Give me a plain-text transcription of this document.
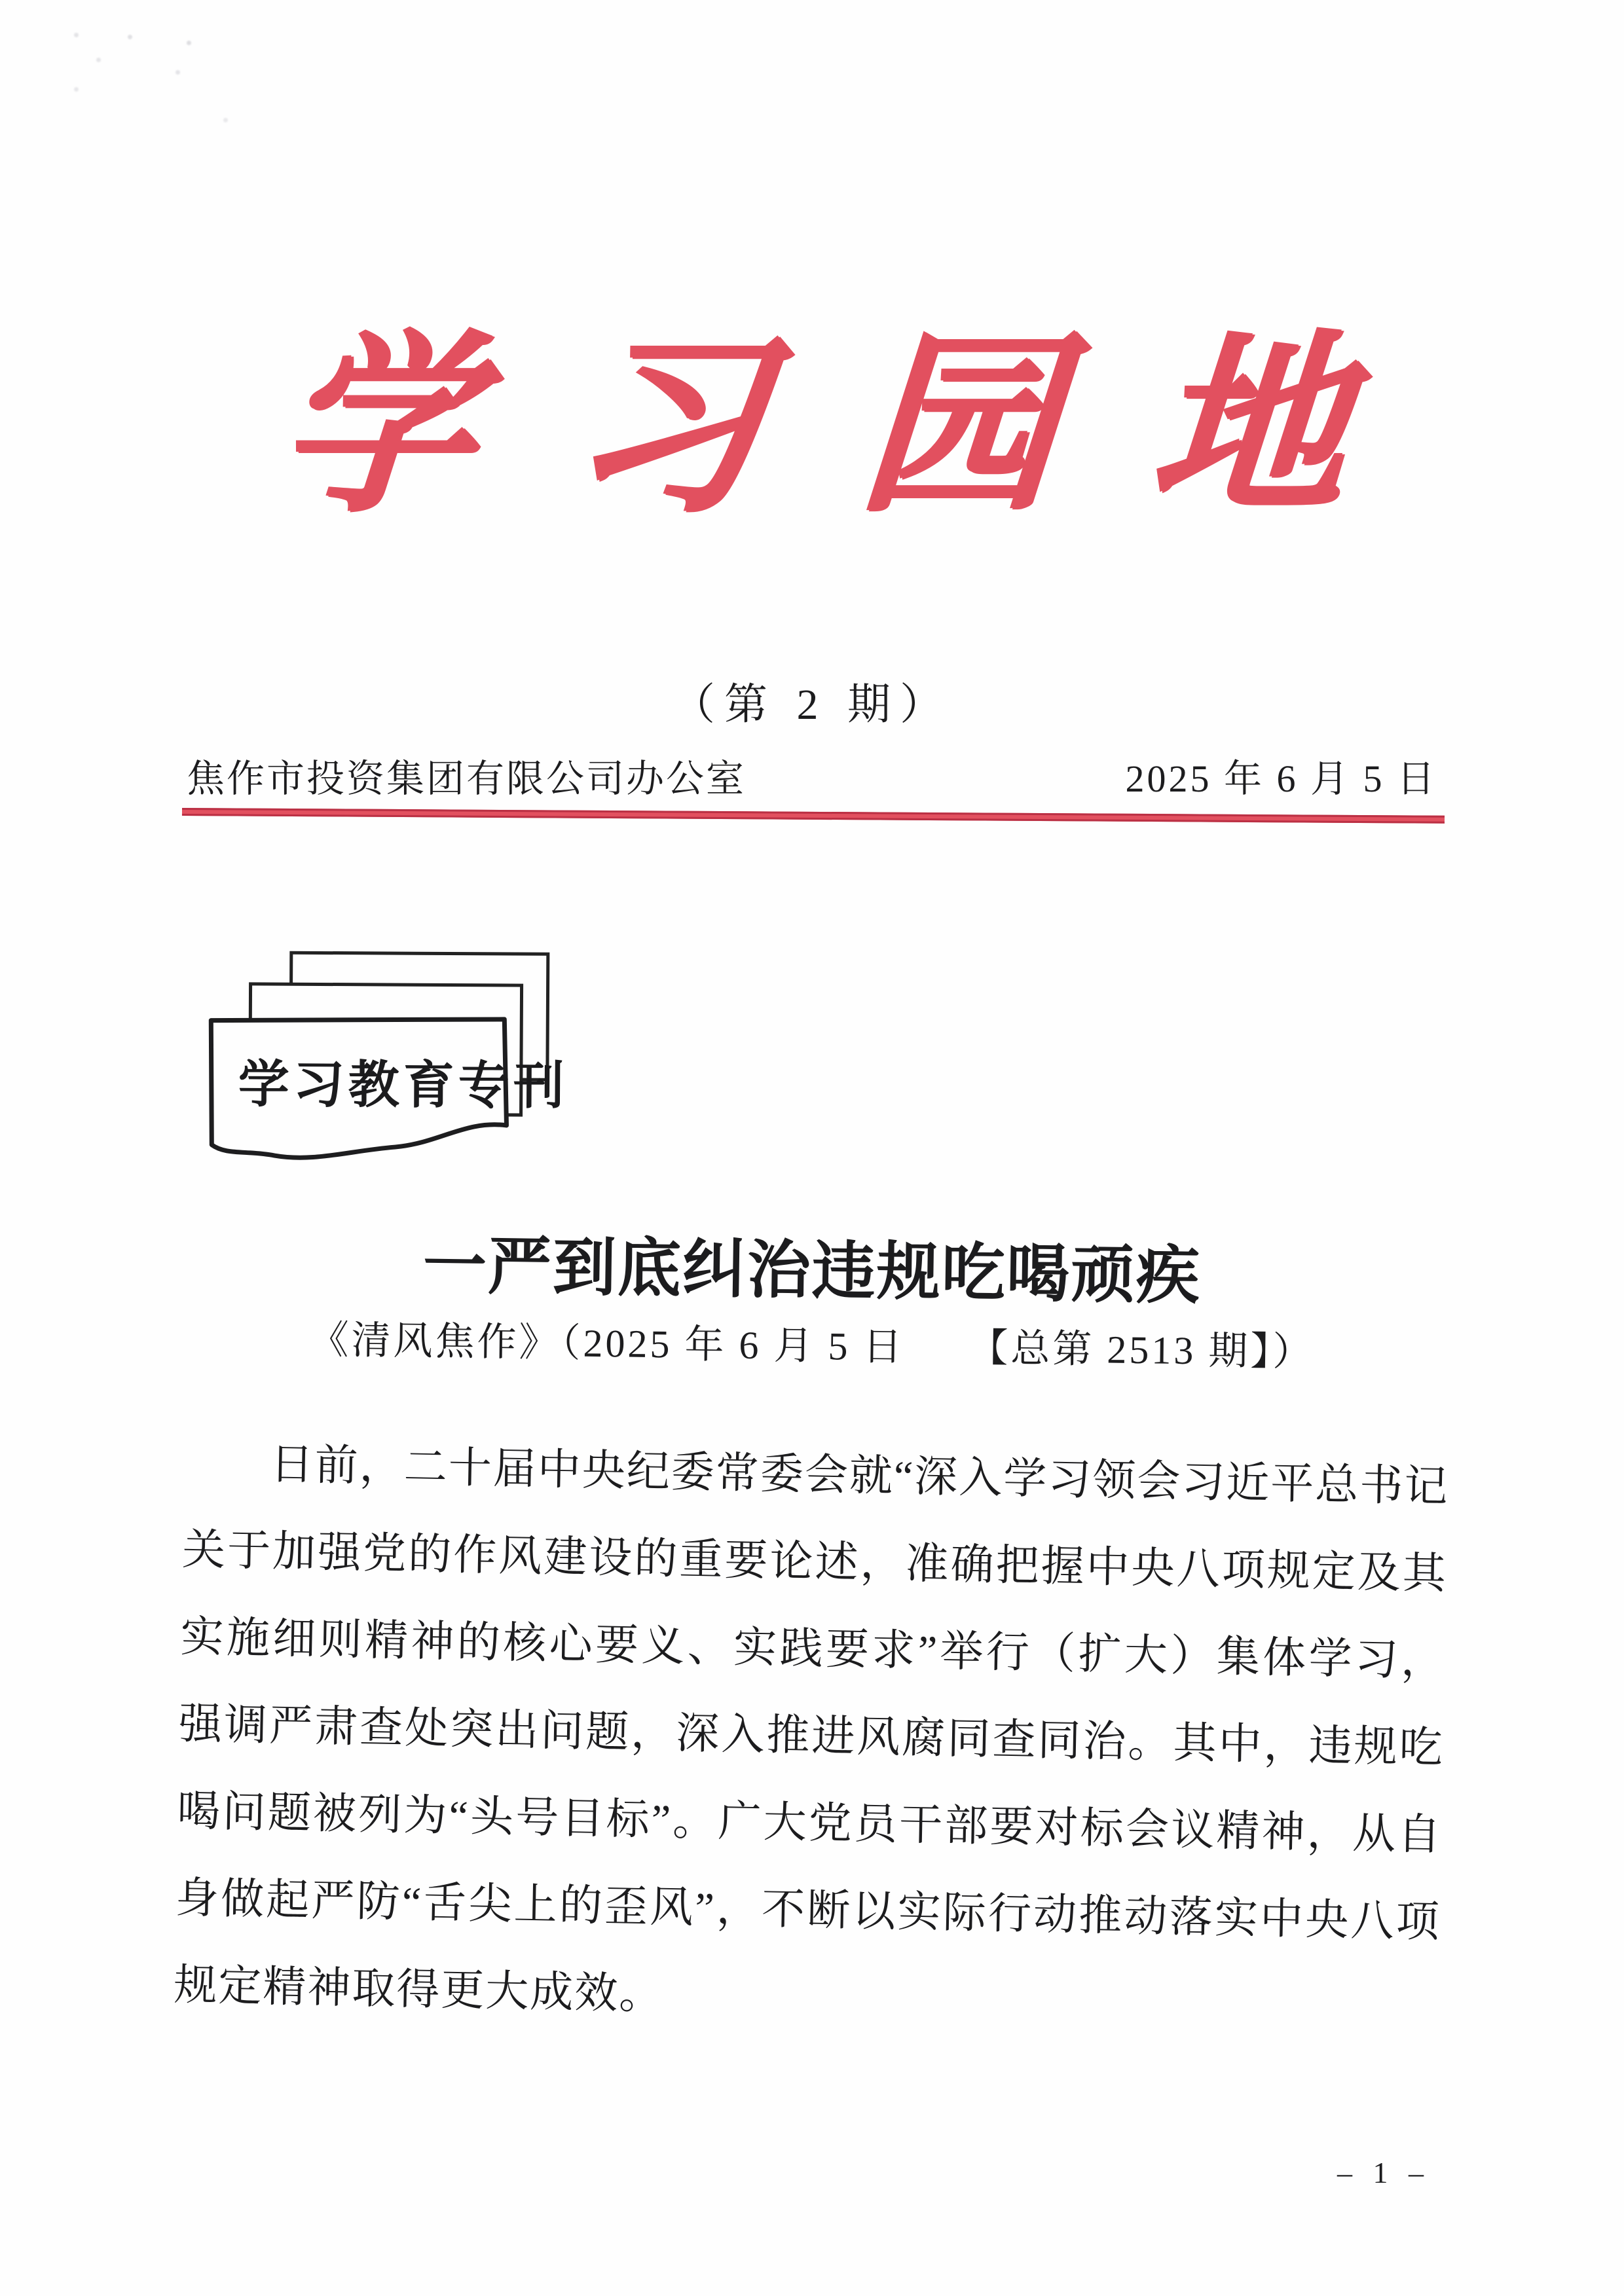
学习园地
（第 2 期）
焦作市投资集团有限公司办公室	2025 年 6 月 5 日
学习教育专刊
一严到底纠治违规吃喝顽疾
《清风焦作》（2025 年 6 月 5 日　　【总第 2513 期】）

日前，二十届中央纪委常委会就“深入学习领会习近平总书记关于加强党的作风建设的重要论述，准确把握中央八项规定及其实施细则精神的核心要义、实践要求”举行（扩大）集体学习，强调严肃查处突出问题，深入推进风腐同查同治。其中，违规吃喝问题被列为“头号目标”。广大党员干部要对标会议精神，从自身做起严防“舌尖上的歪风”，不断以实际行动推动落实中央八项规定精神取得更大成效。

– 1 –
